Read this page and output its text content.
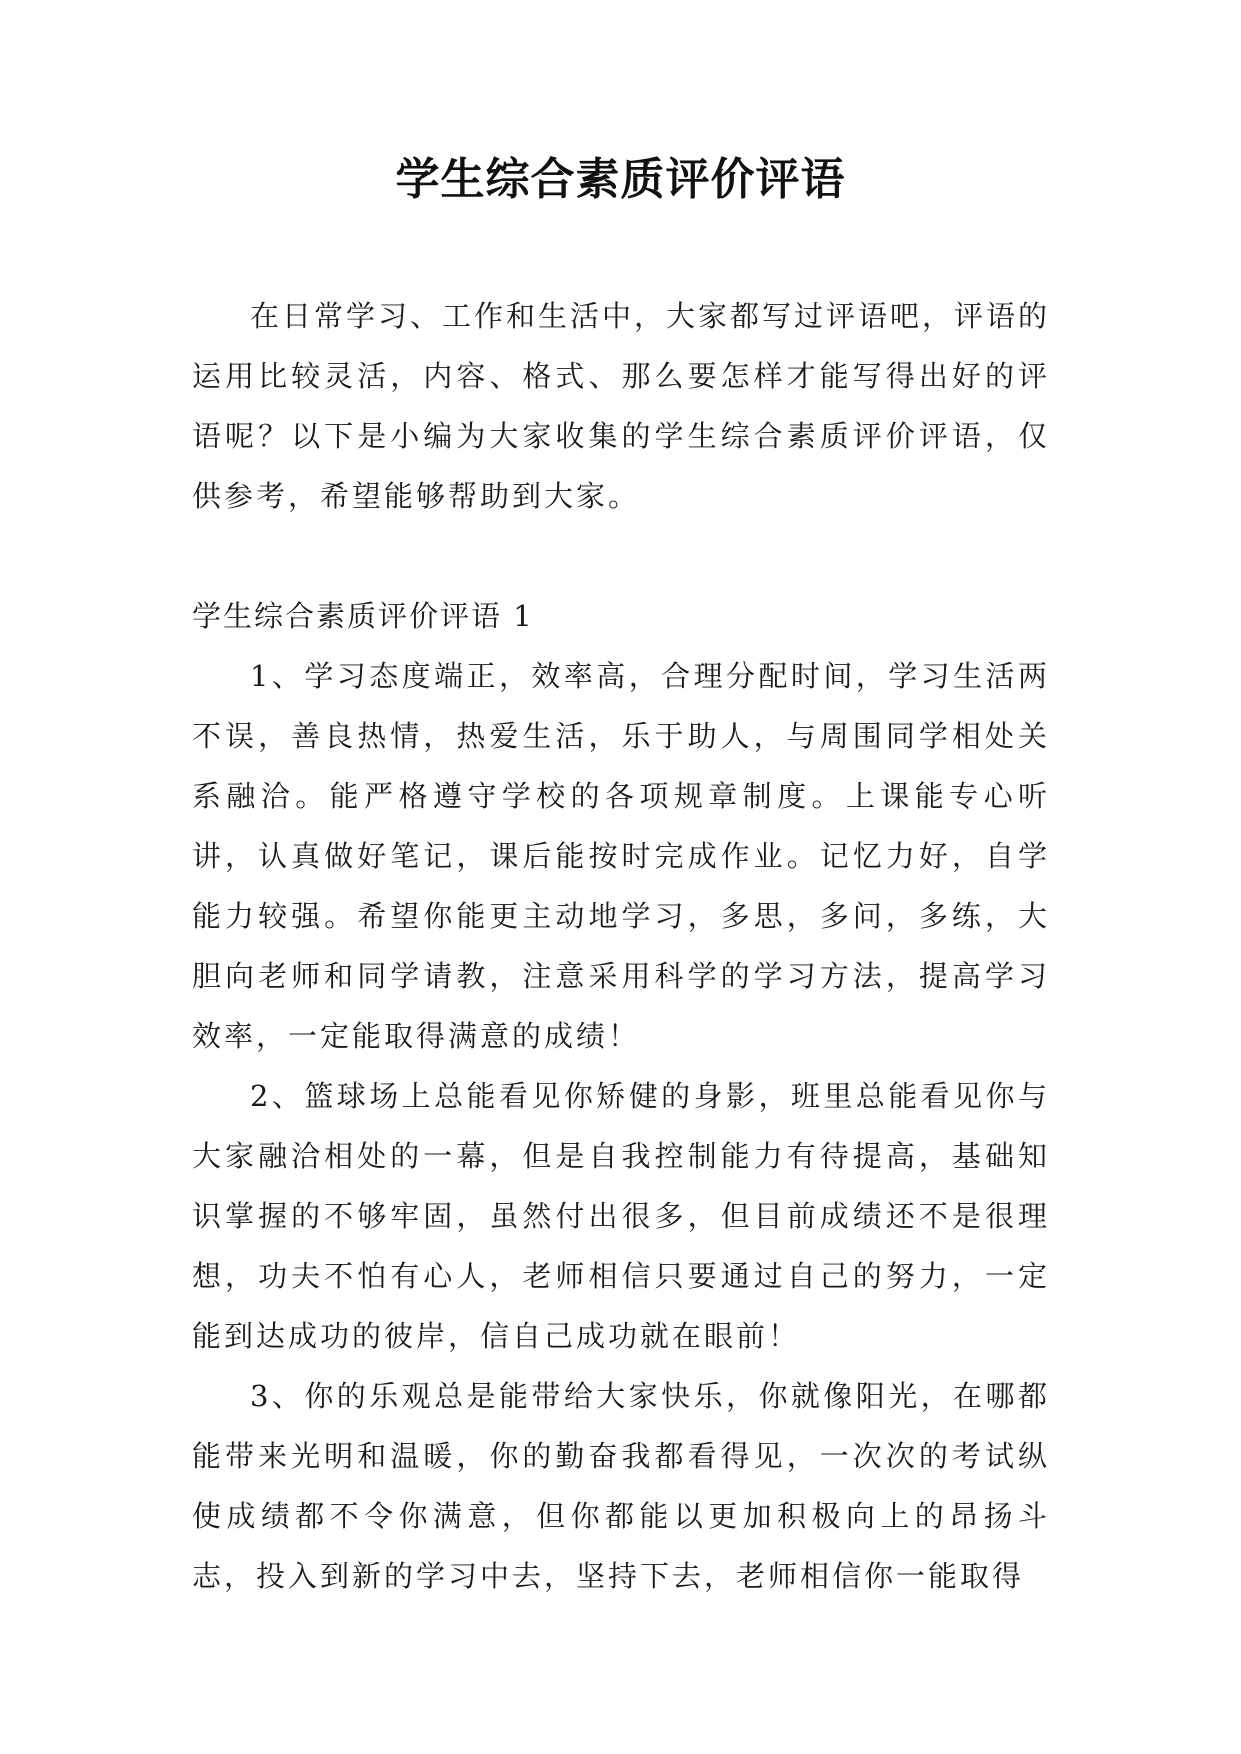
学生综合素质评价评语

在日常学习、工作和生活中，大家都写过评语吧，评语的运用比较灵活，内容、格式、那么要怎样才能写得出好的评语呢？以下是小编为大家收集的学生综合素质评价评语，仅供参考，希望能够帮助到大家。

学生综合素质评价评语 1

1、学习态度端正，效率高，合理分配时间，学习生活两不误，善良热情，热爱生活，乐于助人，与周围同学相处关系融洽。能严格遵守学校的各项规章制度。上课能专心听讲，认真做好笔记，课后能按时完成作业。记忆力好，自学能力较强。希望你能更主动地学习，多思，多问，多练，大胆向老师和同学请教，注意采用科学的学习方法，提高学习效率，一定能取得满意的成绩！

2、篮球场上总能看见你矫健的身影，班里总能看见你与大家融洽相处的一幕，但是自我控制能力有待提高，基础知识掌握的不够牢固，虽然付出很多，但目前成绩还不是很理想，功夫不怕有心人，老师相信只要通过自己的努力，一定能到达成功的彼岸，信自己成功就在眼前！

3、你的乐观总是能带给大家快乐，你就像阳光，在哪都能带来光明和温暖，你的勤奋我都看得见，一次次的考试纵使成绩都不令你满意，但你都能以更加积极向上的昂扬斗志，投入到新的学习中去，坚持下去，老师相信你一能取得
